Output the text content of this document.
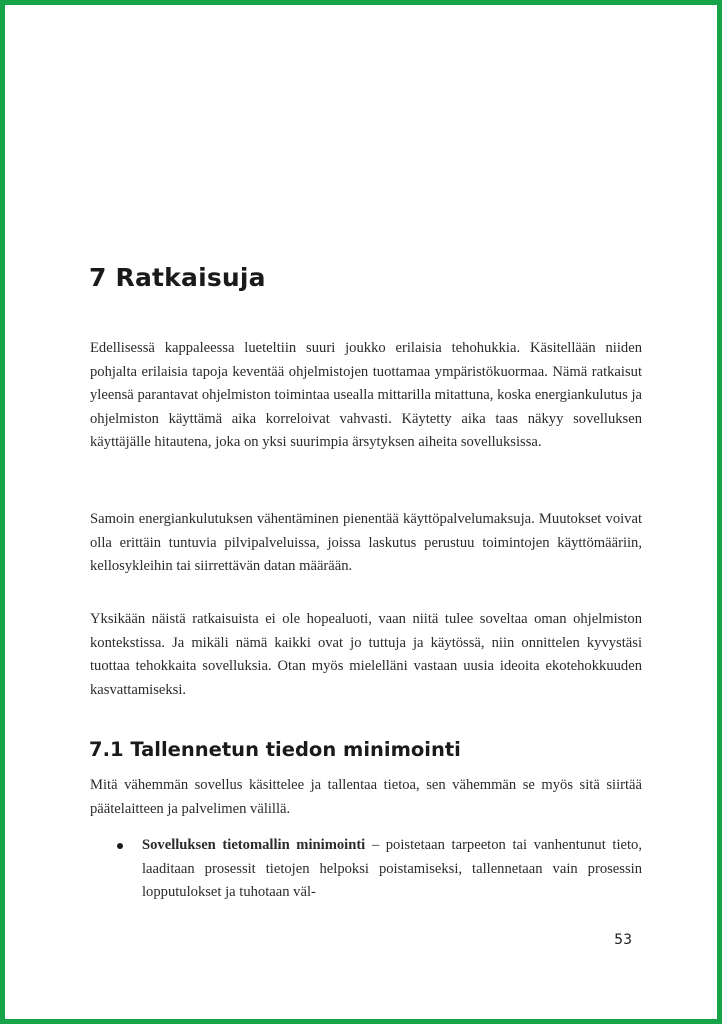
7 Ratkaisuja

Edellisessä kappaleessa lueteltiin suuri joukko erilaisia tehohukkia. Käsitellään niiden pohjalta erilaisia tapoja keventää ohjelmistojen tuottamaa ympäristökuormaa. Nämä ratkaisut yleensä parantavat ohjelmiston toimintaa usealla mittarilla mitattuna, koska energiankulutus ja ohjelmiston käyttämä aika korreloivat vahvasti. Käytetty aika taas näkyy sovelluksen käyttäjälle hitautena, joka on yksi suurimpia ärsytyksen aiheita sovelluksissa.

Samoin energiankulutuksen vähentäminen pienentää käyttöpalvelumaksuja. Muutokset voivat olla erittäin tuntuvia pilvipalveluissa, joissa laskutus perustuu toimintojen käyttömääriin, kellosykleihin tai siirrettävän datan määrään.

Yksikään näistä ratkaisuista ei ole hopealuoti, vaan niitä tulee soveltaa oman ohjelmiston kontekstissa. Ja mikäli nämä kaikki ovat jo tuttuja ja käytössä, niin onnittelen kyvystäsi tuottaa tehokkaita sovelluksia. Otan myös mielelläni vastaan uusia ideoita ekotehokkuuden kasvattamiseksi.

7.1 Tallennetun tiedon minimointi

Mitä vähemmän sovellus käsittelee ja tallentaa tietoa, sen vähemmän se myös sitä siirtää päätelaitteen ja palvelimen välillä.

Sovelluksen tietomallin minimointi – poistetaan tarpeeton tai vanhentunut tieto, laaditaan prosessit tietojen helpoksi poistamiseksi, tallennetaan vain prosessin lopputulokset ja tuhotaan väl-
53
